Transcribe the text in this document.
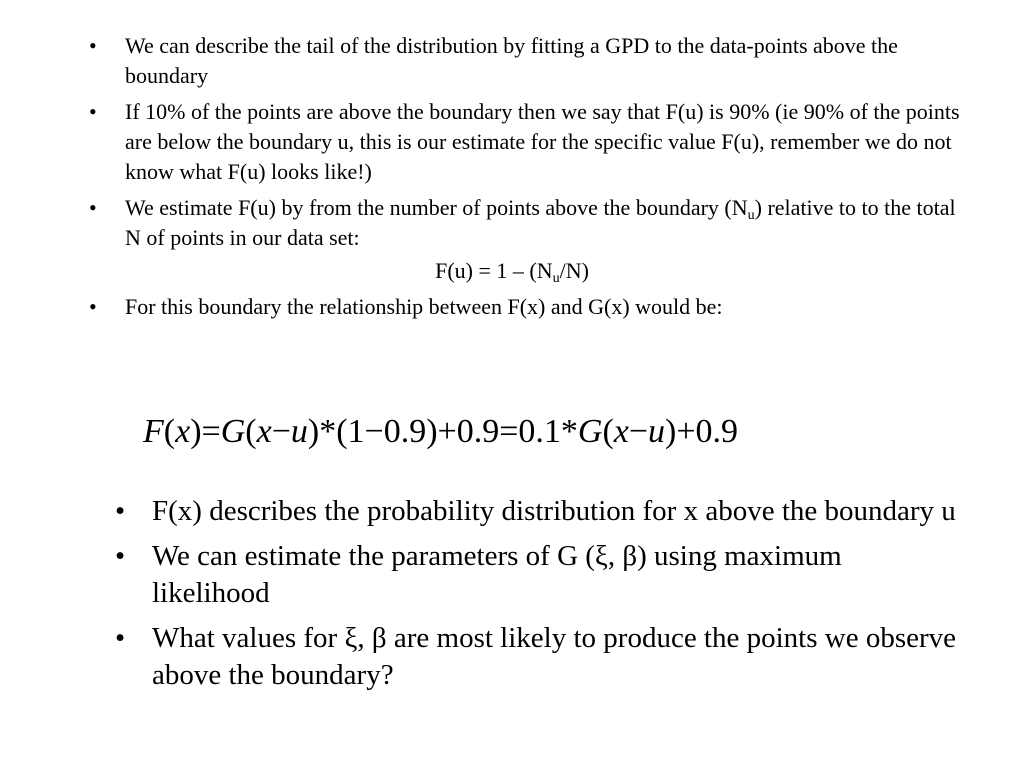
• We can describe the tail of the distribution by fitting a GPD to the data-points above the boundary
• If 10% of the points are above the boundary then we say that F(u) is 90% (ie 90% of the points are below the boundary u, this is our estimate for the specific value F(u), remember we do not know what F(u) looks like!)
• We estimate F(u) by from the number of points above the boundary $(N_u)$ relative to to the total N of points in our data set:
$F(u) = 1 - (N_u/N)$
• For this boundary the relationship between F(x) and G(x) would be:
F(x)=G(x−u)*(1−0.9)+0.9=0.1*G(x−u)+0.9
• F(x) describes the probability distribution for x above the boundary u
• We can estimate the parameters of G (ξ, β) using maximum likelihood
• What values for ξ, β are most likely to produce the points we observe above the boundary?
